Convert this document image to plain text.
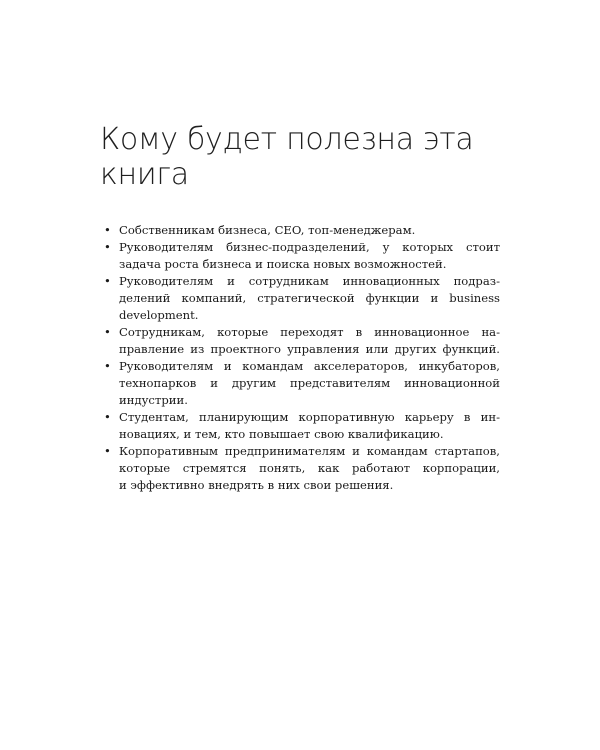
Кому будет полезна эта
книга
• Собственникам бизнеса, CEO, топ-менеджерам.
• Руководителям бизнес-подразделений, у которых стоит
задача роста бизнеса и поиска новых возможностей.
• Руководителям и сотрудникам инновационных подраз-
делений компаний, стратегической функции и business
development.
• Сотрудникам, которые переходят в инновационное на-
правление из проектного управления или других функций.
• Руководителям и командам акселераторов, инкубаторов,
технопарков и другим представителям инновационной
индустрии.
• Студентам, планирующим корпоративную карьеру в ин-
новациях, и тем, кто повышает свою квалификацию.
• Корпоративным предпринимателям и командам стартапов,
которые стремятся понять, как работают корпорации,
и эффективно внедрять в них свои решения.
